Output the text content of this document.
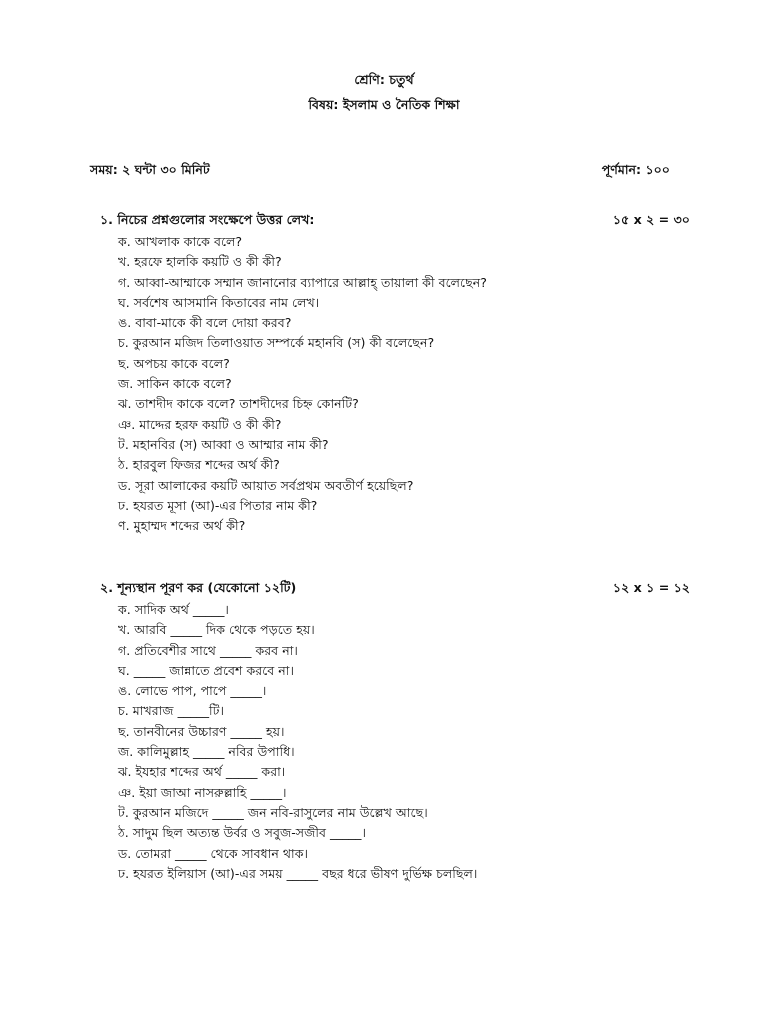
শ্রেণি: চতুর্থ
বিষয়: ইসলাম ও নৈতিক শিক্ষা
সময়: ২ ঘন্টা ৩০ মিনিট	পূর্ণমান: ১০০
১. নিচের প্রশ্নগুলোর সংক্ষেপে উত্তর লেখ:	১৫ x ২ = ৩০
ক. আখলাক কাকে বলে?
খ. হরফে হালকি কয়টি ও কী কী?
গ. আব্বা-আম্মাকে সম্মান জানানোর ব্যাপারে আল্লাহ্ তায়ালা কী বলেছেন?
ঘ. সর্বশেষ আসমানি কিতাবের নাম লেখ।
ঙ. বাবা-মাকে কী বলে দোয়া করব?
চ. কুরআন মজিদ তিলাওয়াত সম্পর্কে মহানবি (স) কী বলেছেন?
ছ. অপচয় কাকে বলে?
জ. সাকিন কাকে বলে?
ঝ. তাশদীদ কাকে বলে? তাশদীদের চিহ্ন কোনটি?
ঞ. মাদ্দের হরফ কয়টি ও কী কী?
ট. মহানবির (স) আব্বা ও আম্মার নাম কী?
ঠ. হারবুল ফিজর শব্দের অর্থ কী?
ড. সূরা আলাকের কয়টি আয়াত সর্বপ্রথম অবতীর্ণ হয়েছিল?
ঢ. হযরত মূসা (আ)-এর পিতার নাম কী?
ণ. মুহাম্মদ শব্দের অর্থ কী?
২. শূন্যস্থান পূরণ কর (যেকোনো ১২টি)	১২ x ১ = ১২
ক. সাদিক অর্থ _____।
খ. আরবি _____ দিক থেকে পড়তে হয়।
গ. প্রতিবেশীর সাথে _____ করব না।
ঘ. _____ জান্নাতে প্রবেশ করবে না।
ঙ. লোভে পাপ, পাপে _____।
চ. মাখরাজ _____টি।
ছ. তানবীনের উচ্চারণ _____ হয়।
জ. কালিমুল্লাহ _____ নবির উপাধি।
ঝ. ইযহার শব্দের অর্থ _____ করা।
ঞ. ইয়া জাআ নাসরুল্লাহি _____।
ট. কুরআন মজিদে _____ জন নবি-রাসুলের নাম উল্লেখ আছে।
ঠ. সাদুম ছিল অত্যন্ত উর্বর ও সবুজ-সজীব _____।
ড. তোমরা _____ থেকে সাবধান থাক।
ঢ. হযরত ইলিয়াস (আ)-এর সময় _____ বছর ধরে ভীষণ দুর্ভিক্ষ চলছিল।
